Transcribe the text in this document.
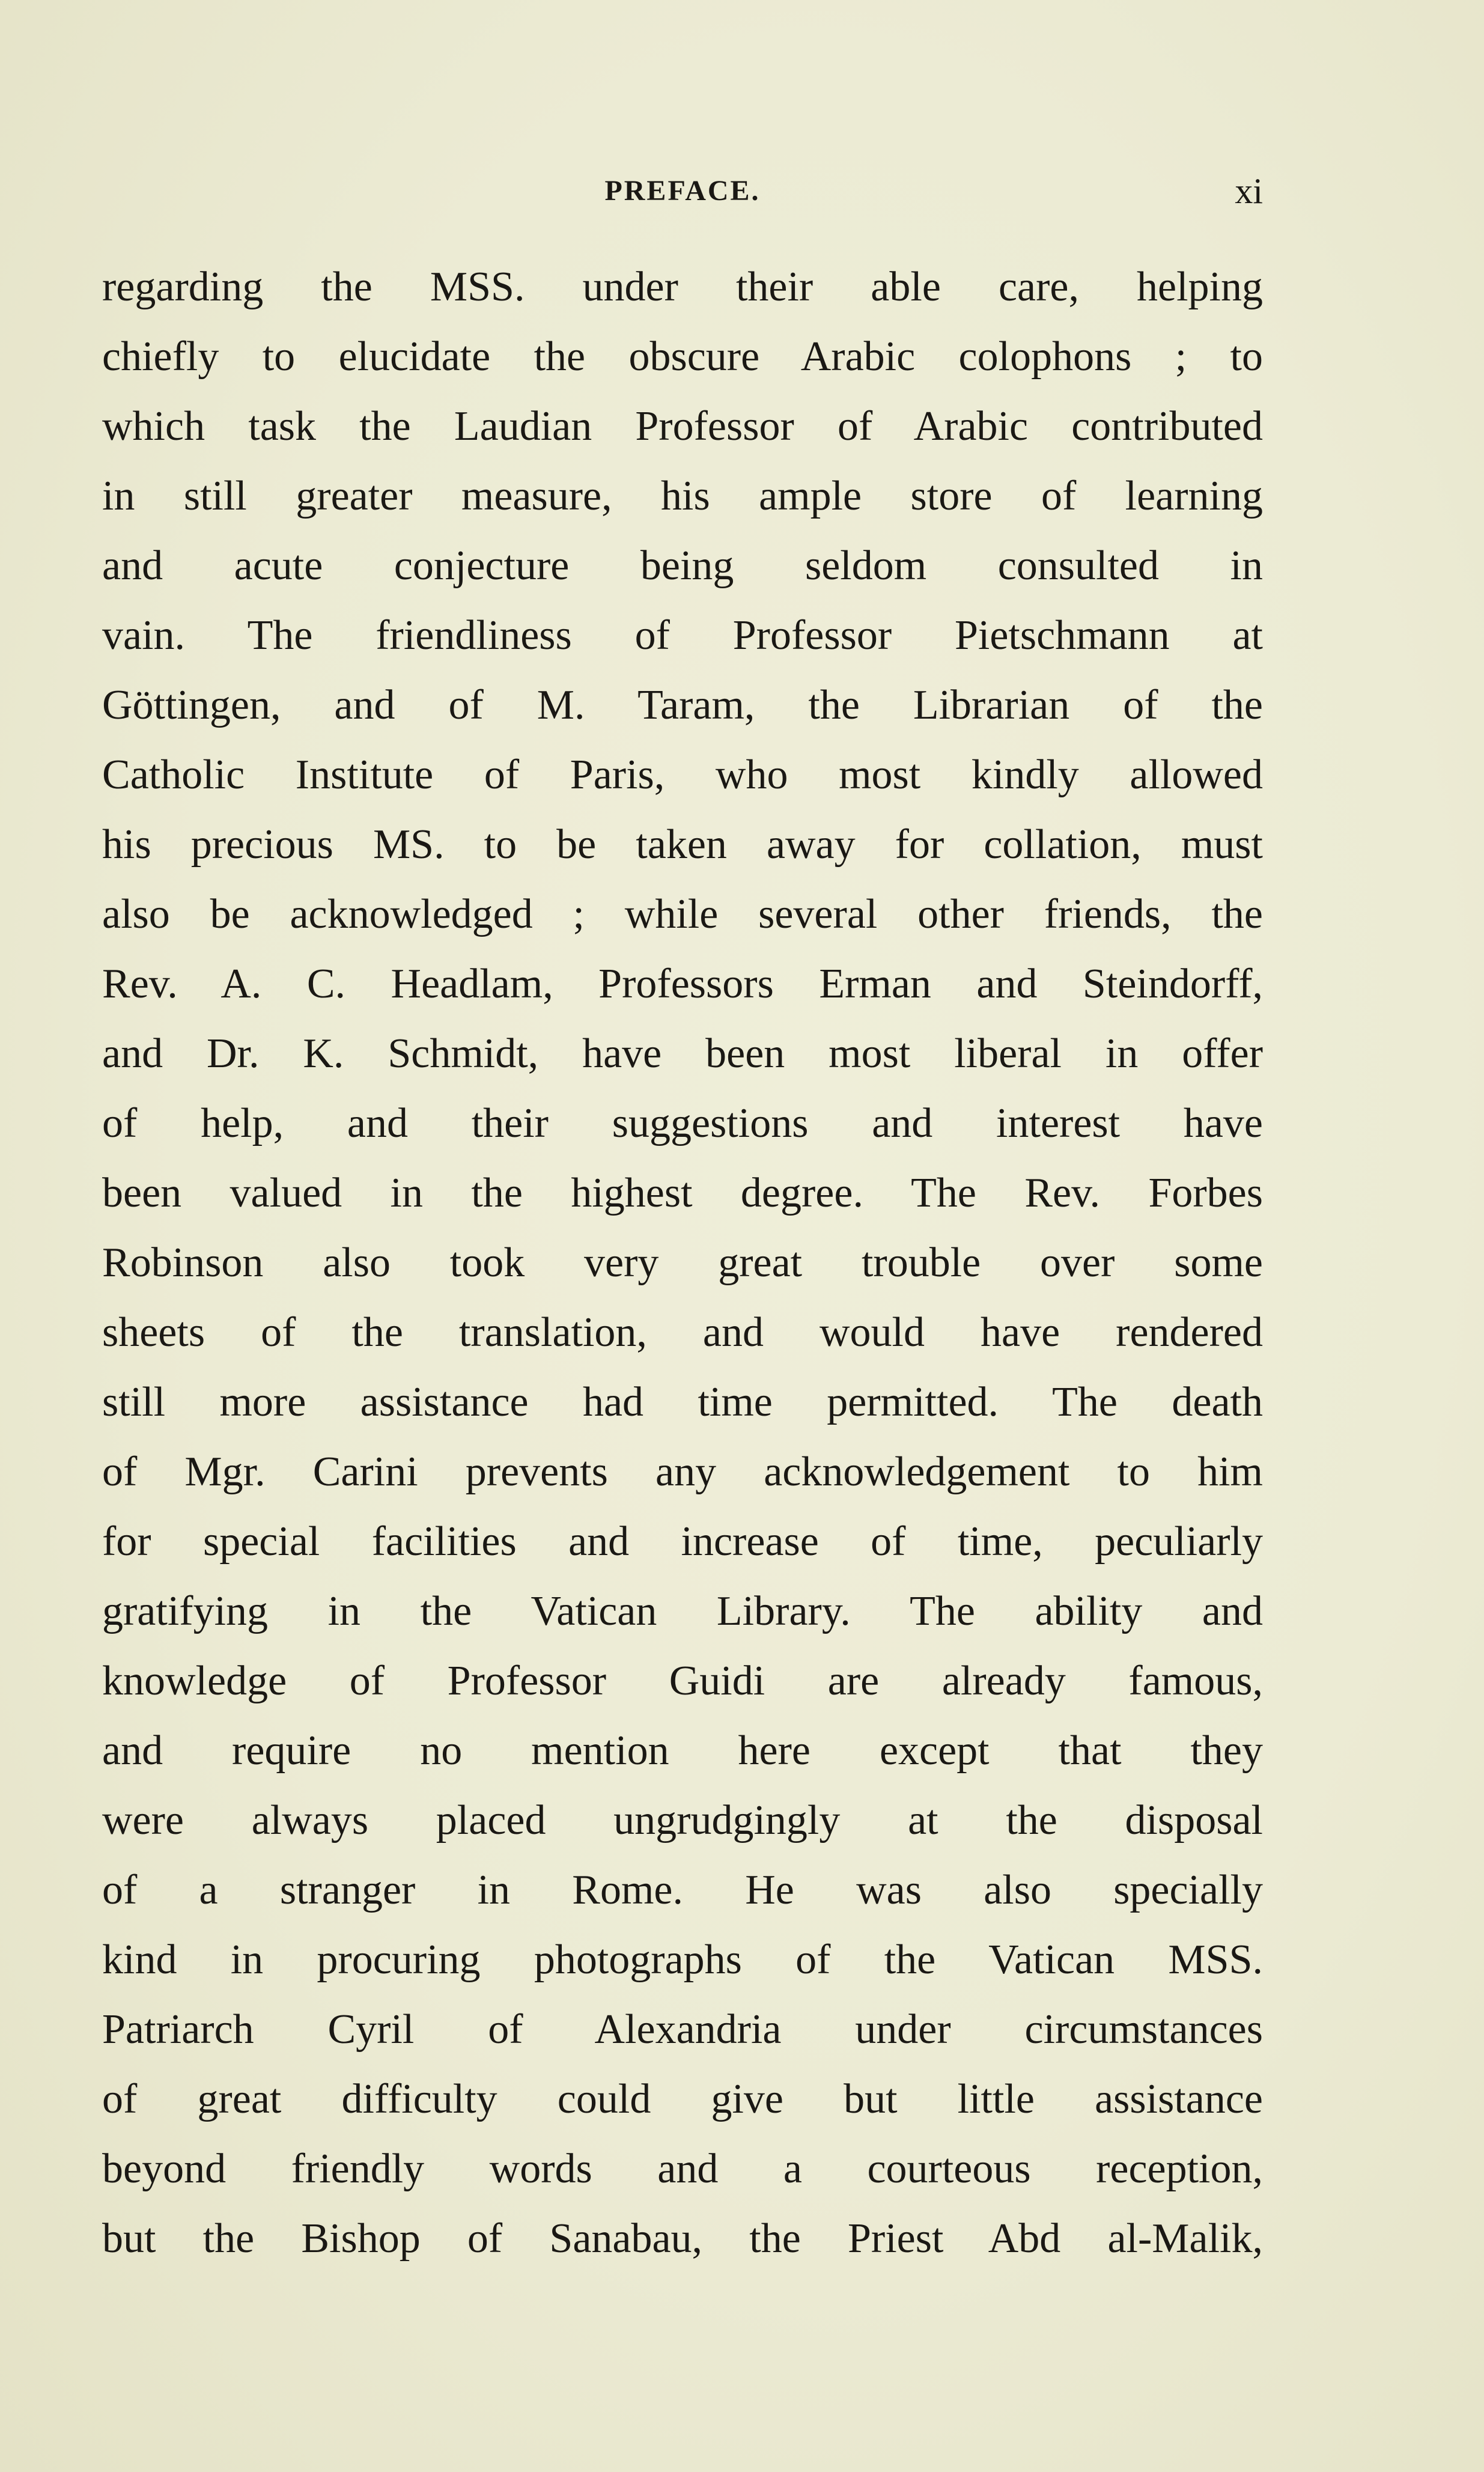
PREFACE.	xi
regarding the MSS. under their able care, helping
chiefly to elucidate the obscure Arabic colophons ; to
which task the Laudian Professor of Arabic contributed
in still greater measure, his ample store of learning
and acute conjecture being seldom consulted in
vain. The friendliness of Professor Pietschmann at
Göttingen, and of M. Taram, the Librarian of the
Catholic Institute of Paris, who most kindly allowed
his precious MS. to be taken away for collation, must
also be acknowledged ; while several other friends, the
Rev. A. C. Headlam, Professors Erman and Steindorff,
and Dr. K. Schmidt, have been most liberal in offer
of help, and their suggestions and interest have
been valued in the highest degree. The Rev. Forbes
Robinson also took very great trouble over some
sheets of the translation, and would have rendered
still more assistance had time permitted. The death
of Mgr. Carini prevents any acknowledgement to him
for special facilities and increase of time, peculiarly
gratifying in the Vatican Library. The ability and
knowledge of Professor Guidi are already famous,
and require no mention here except that they
were always placed ungrudgingly at the disposal
of a stranger in Rome. He was also specially
kind in procuring photographs of the Vatican MSS.
Patriarch Cyril of Alexandria under circumstances
of great difficulty could give but little assistance
beyond friendly words and a courteous reception,
but the Bishop of Sanabau, the Priest Abd al-Malik,
